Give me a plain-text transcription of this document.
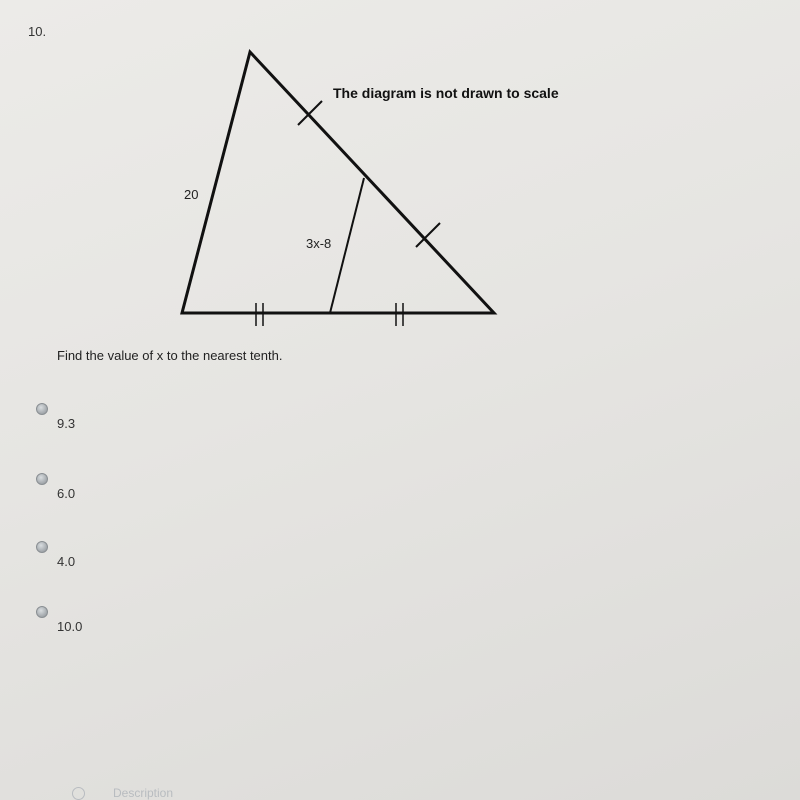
10.
The diagram is not drawn to scale
20
3x-8
Find the value of x to the nearest tenth.
9.3
6.0
4.0
10.0
Description
